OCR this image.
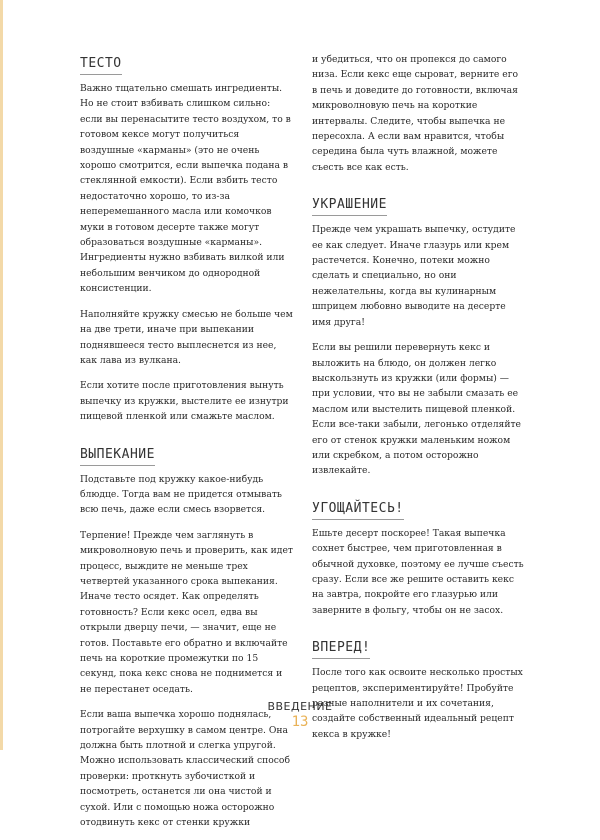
ТЕСТО

Важно тщательно смешать ингредиенты. Но не стоит взбивать слишком сильно: если вы перенасытите тесто воздухом, то в готовом кексе могут получиться воздушные «карманы» (это не очень хорошо смотрится, если выпечка подана в стеклянной емкости). Если взбить тесто недостаточно хорошо, то из-за неперемешанного масла или комочков муки в готовом десерте также могут образоваться воздушные «карманы». Ингредиенты нужно взбивать вилкой или небольшим венчиком до однородной консистенции.

Наполняйте кружку смесью не больше чем на две трети, иначе при выпекании поднявшееся тесто выплеснется из нее, как лава из вулкана.

Если хотите после приготовления вынуть выпечку из кружки, выстелите ее изнутри пищевой пленкой или смажьте маслом.

ВЫПЕКАНИЕ

Подставьте под кружку какое-нибудь блюдце. Тогда вам не придется отмывать всю печь, даже если смесь взорвется.

Терпение! Прежде чем заглянуть в микроволновую печь и проверить, как идет процесс, выждите не меньше трех четвертей указанного срока выпекания. Иначе тесто осядет. Как определять готовность? Если кекс осел, едва вы открыли дверцу печи, — значит, еще не готов. Поставьте его обратно и включайте печь на короткие промежутки по 15 секунд, пока кекс снова не поднимется и не перестанет оседать.

Если ваша выпечка хорошо поднялась, потрогайте верхушку в самом центре. Она должна быть плотной и слегка упругой. Можно использовать классический способ проверки: проткнуть зубочисткой и посмотреть, останется ли она чистой и сухой. Или с помощью ножа осторожно отодвинуть кекс от стенки кружки

и убедиться, что он пропекся до самого низа. Если кекс еще сыроват, верните его в печь и доведите до готовности, включая микроволновую печь на короткие интервалы. Следите, чтобы выпечка не пересохла. А если вам нравится, чтобы середина была чуть влажной, можете съесть все как есть.

УКРАШЕНИЕ

Прежде чем украшать выпечку, остудите ее как следует. Иначе глазурь или крем растечется. Конечно, потеки можно сделать и специально, но они нежелательны, когда вы кулинарным шприцем любовно выводите на десерте имя друга!

Если вы решили перевернуть кекс и выложить на блюдо, он должен легко выскользнуть из кружки (или формы) — при условии, что вы не забыли смазать ее маслом или выстелить пищевой пленкой. Если все-таки забыли, легонько отделяйте его от стенок кружки маленьким ножом или скребком, а потом осторожно извлекайте.

УГОЩАЙТЕСЬ!

Ешьте десерт поскорее! Такая выпечка сохнет быстрее, чем приготовленная в обычной духовке, поэтому ее лучше съесть сразу. Если все же решите оставить кекс на завтра, покройте его глазурью или заверните в фольгу, чтобы он не засох.

ВПЕРЕД!

После того как освоите несколько простых рецептов, экспериментируйте! Пробуйте разные наполнители и их сочетания, создайте собственный идеальный рецепт кекса в кружке!

ВВЕДЕНИЕ
13
